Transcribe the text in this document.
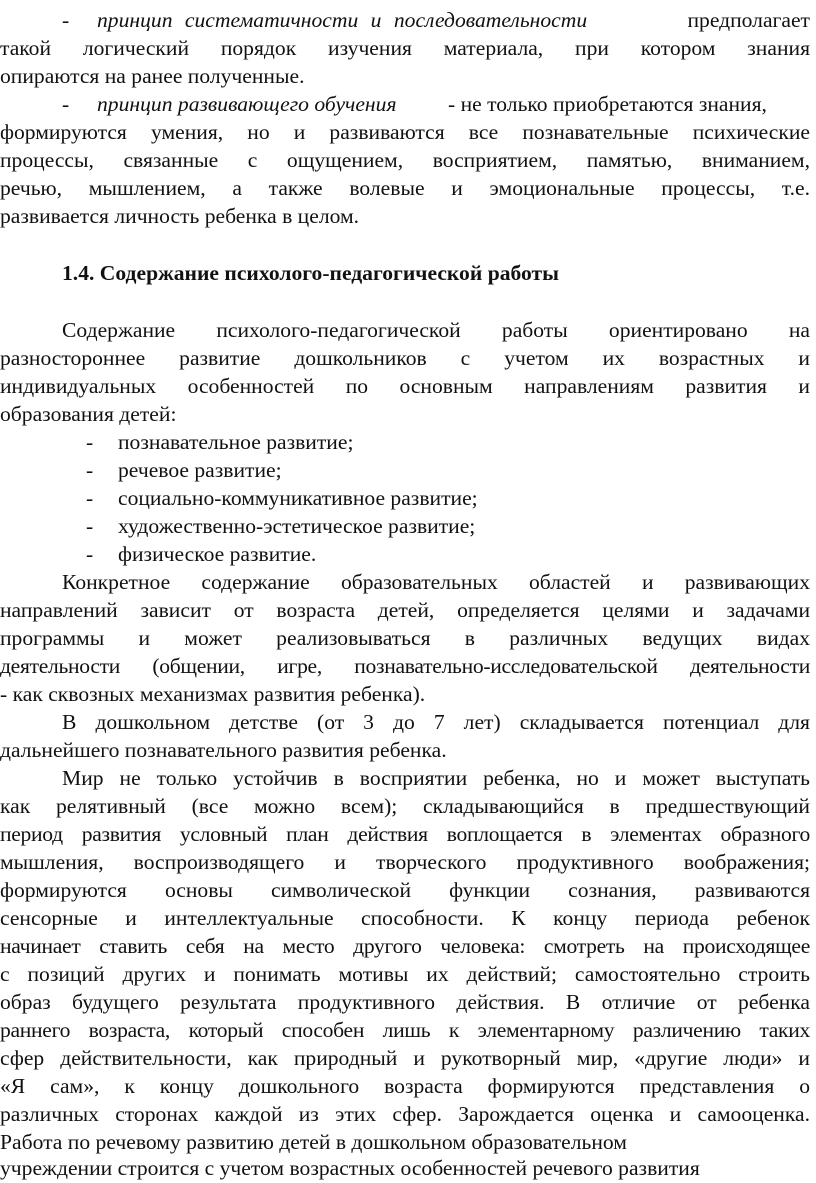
- принцип систематичности и последовательности	предполагает
такой логический порядок изучения материала, при котором знания
опираются на ранее полученные.
- принцип развивающего обучения - не только приобретаются знания,
формируются умения, но и развиваются все познавательные психические
процессы, связанные с ощущением, восприятием, памятью, вниманием,
речью, мышлением, а также волевые и эмоциональные процессы, т.е.
развивается личность ребенка в целом.
1.4. Содержание психолого-педагогической работы
Содержание психолого-педагогической работы ориентировано на
разностороннее развитие дошкольников с учетом их возрастных и
индивидуальных особенностей по основным направлениям развития и
образования детей:
- познавательное развитие;
- речевое развитие;
- социально-коммуникативное развитие;
- художественно-эстетическое развитие;
- физическое развитие.
Конкретное содержание образовательных областей и развивающих
направлений зависит от возраста детей, определяется целями и задачами
программы и может реализовываться в различных ведущих видах
деятельности (общении, игре, познавательно-исследовательской деятельности
- как сквозных механизмах развития ребенка).
В дошкольном детстве (от 3 до 7 лет) складывается потенциал для
дальнейшего познавательного развития ребенка.
Мир не только устойчив в восприятии ребенка, но и может выступать
как релятивный (все можно всем); складывающийся в предшествующий
период развития условный план действия воплощается в элементах образного
мышления, воспроизводящего и творческого продуктивного воображения;
формируются основы символической функции сознания, развиваются
сенсорные и интеллектуальные способности. К концу периода ребенок
начинает ставить себя на место другого человека: смотреть на происходящее
с позиций других и понимать мотивы их действий; самостоятельно строить
образ будущего результата продуктивного действия. В отличие от ребенка
раннего возраста, который способен лишь к элементарному различению таких
сфер действительности, как природный и рукотворный мир, «другие люди» и
«Я сам», к концу дошкольного возраста формируются представления о
различных сторонах каждой из этих сфер. Зарождается оценка и самооценка.
Работа по речевому развитию детей в дошкольном образовательном
учреждении строится с учетом возрастных особенностей речевого развития
